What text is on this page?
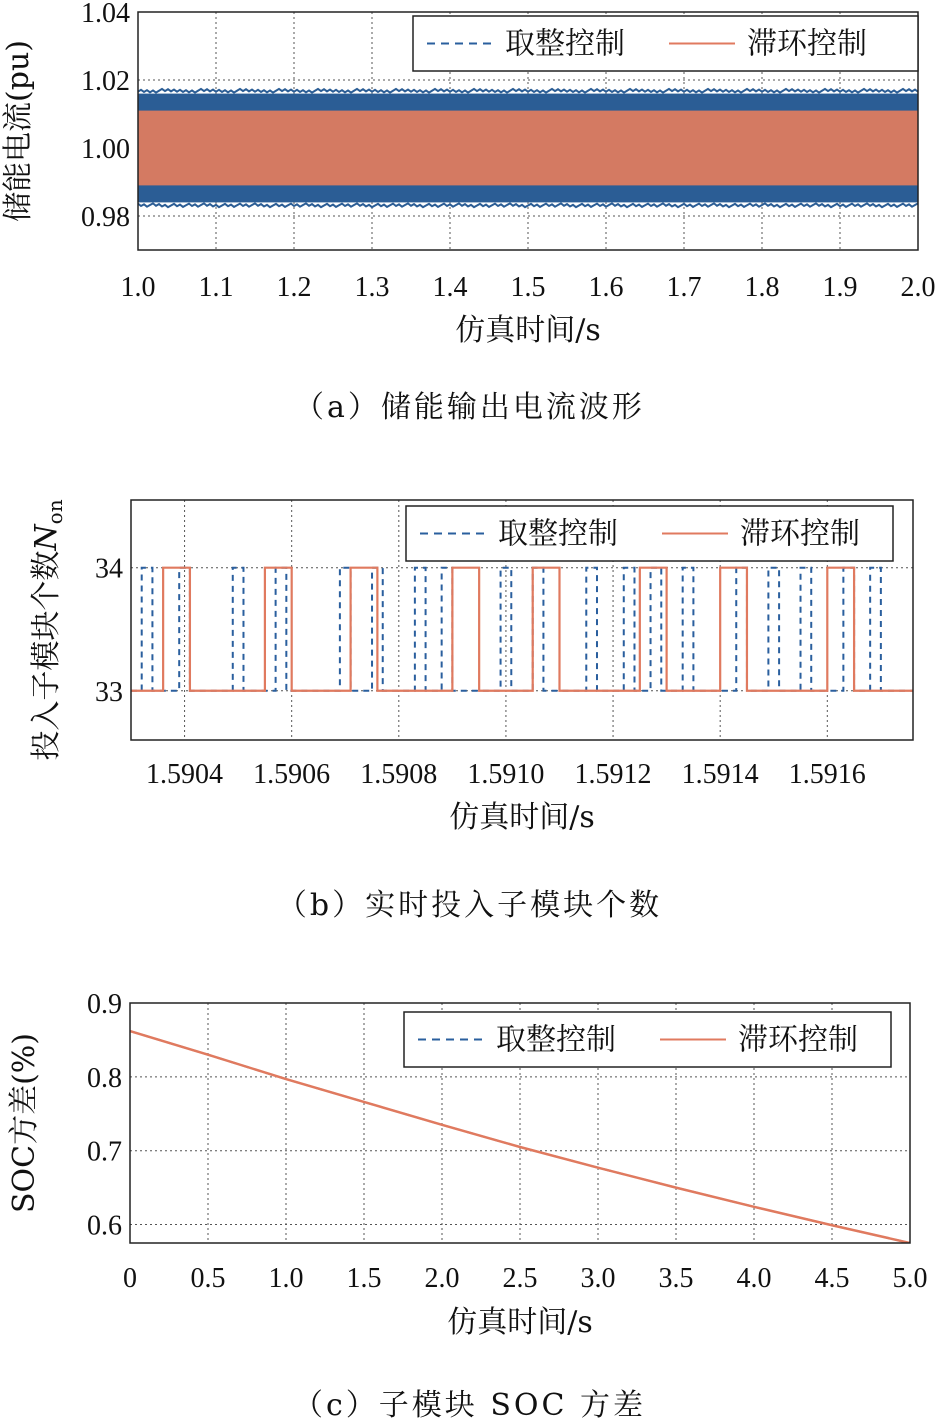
1.0 1.1 1.2 1.3 1.4 1.5 1.6 1.7 1.8 1.9 2.0
0.98
1.00
1.02
1.04
取整控制	滞环控制
仿真时间/s
储能电流(pu)
（a）储能输出电流波形
1.5904 1.5906 1.5908 1.5910 1.5912 1.5914 1.5916
33
34
取整控制	滞环控制
仿真时间/s
投入子模块个数$N_{on}$
（b）实时投入子模块个数
0 0.5 1.0 1.5 2.0 2.5 3.0 3.5 4.0 4.5 5.0
0.6
0.7
0.8
0.9
取整控制	滞环控制
仿真时间/s
SOC方差(%)
（c）子模块 SOC 方差
